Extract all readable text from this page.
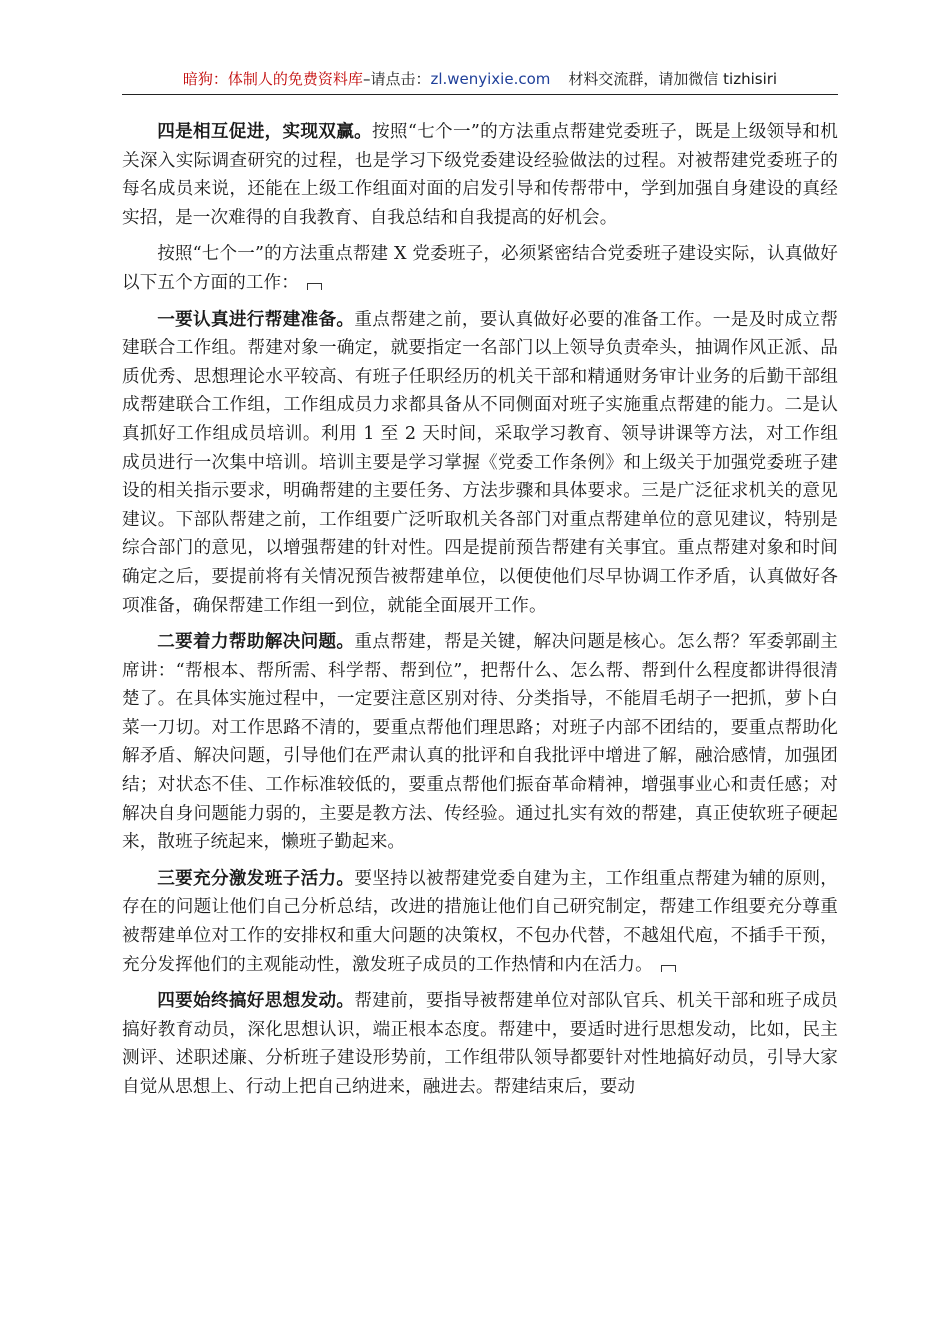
暗狗：体制人的免费资料库–请点击：zl.wenyixie.com 材料交流群，请加微信 tizhisiri

四是相互促进，实现双赢。按照“七个一”的方法重点帮建党委班子，既是上级领导和机关深入实际调查研究的过程，也是学习下级党委建设经验做法的过程。对被帮建党委班子的每名成员来说，还能在上级工作组面对面的启发引导和传帮带中，学到加强自身建设的真经实招，是一次难得的自我教育、自我总结和自我提高的好机会。

按照“七个一”的方法重点帮建 X 党委班子，必须紧密结合党委班子建设实际，认真做好以下五个方面的工作：

一要认真进行帮建准备。重点帮建之前，要认真做好必要的准备工作。一是及时成立帮建联合工作组。帮建对象一确定，就要指定一名部门以上领导负责牵头，抽调作风正派、品质优秀、思想理论水平较高、有班子任职经历的机关干部和精通财务审计业务的后勤干部组成帮建联合工作组，工作组成员力求都具备从不同侧面对班子实施重点帮建的能力。二是认真抓好工作组成员培训。利用 1 至 2 天时间，采取学习教育、领导讲课等方法，对工作组成员进行一次集中培训。培训主要是学习掌握《党委工作条例》和上级关于加强党委班子建设的相关指示要求，明确帮建的主要任务、方法步骤和具体要求。三是广泛征求机关的意见建议。下部队帮建之前，工作组要广泛听取机关各部门对重点帮建单位的意见建议，特别是综合部门的意见，以增强帮建的针对性。四是提前预告帮建有关事宜。重点帮建对象和时间确定之后，要提前将有关情况预告被帮建单位，以便使他们尽早协调工作矛盾，认真做好各项准备，确保帮建工作组一到位，就能全面展开工作。

二要着力帮助解决问题。重点帮建，帮是关键，解决问题是核心。怎么帮？军委郭副主席讲：“帮根本、帮所需、科学帮、帮到位”，把帮什么、怎么帮、帮到什么程度都讲得很清楚了。在具体实施过程中，一定要注意区别对待、分类指导，不能眉毛胡子一把抓，萝卜白菜一刀切。对工作思路不清的，要重点帮他们理思路；对班子内部不团结的，要重点帮助化解矛盾、解决问题，引导他们在严肃认真的批评和自我批评中增进了解，融洽感情，加强团结；对状态不佳、工作标准较低的，要重点帮他们振奋革命精神，增强事业心和责任感；对解决自身问题能力弱的，主要是教方法、传经验。通过扎实有效的帮建，真正使软班子硬起来，散班子统起来，懒班子勤起来。

三要充分激发班子活力。要坚持以被帮建党委自建为主，工作组重点帮建为辅的原则，存在的问题让他们自己分析总结，改进的措施让他们自己研究制定，帮建工作组要充分尊重被帮建单位对工作的安排权和重大问题的决策权，不包办代替，不越俎代庖，不插手干预，充分发挥他们的主观能动性，激发班子成员的工作热情和内在活力。

四要始终搞好思想发动。帮建前，要指导被帮建单位对部队官兵、机关干部和班子成员搞好教育动员，深化思想认识，端正根本态度。帮建中，要适时进行思想发动，比如，民主测评、述职述廉、分析班子建设形势前，工作组带队领导都要针对性地搞好动员，引导大家自觉从思想上、行动上把自己纳进来，融进去。帮建结束后，要动
